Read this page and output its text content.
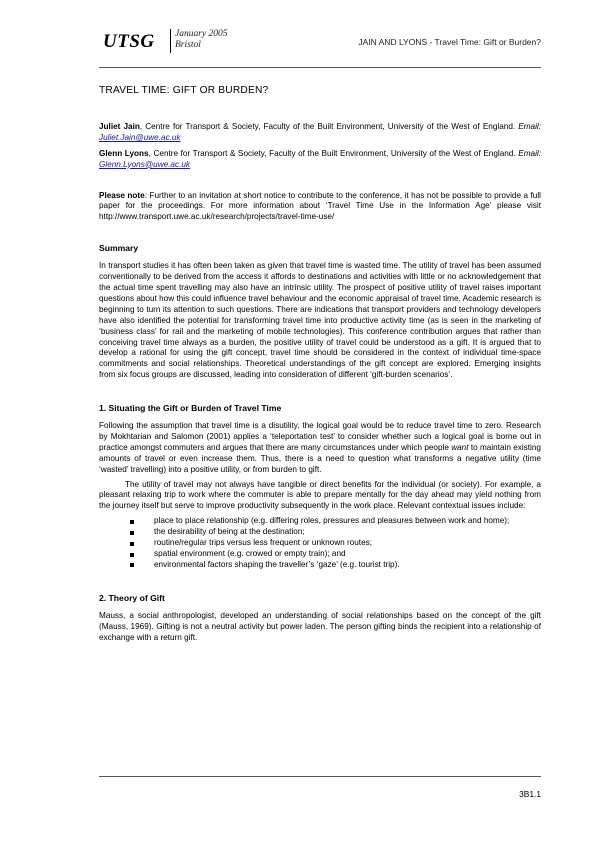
UTSG January 2005
Bristol	JAIN AND LYONS - Travel Time: Gift or Burden?
TRAVEL TIME: GIFT OR BURDEN?

Juliet Jain, Centre for Transport & Society, Faculty of the Built Environment, University of the West of England. Email: Juliet.Jain@uwe.ac.uk

Glenn Lyons, Centre for Transport & Society, Faculty of the Built Environment, University of the West of England. Email: Glenn.Lyons@uwe.ac.uk

Please note: Further to an invitation at short notice to contribute to the conference, it has not be possible to provide a full paper for the proceedings. For more information about ‘Travel Time Use in the Information Age’ please visit http://www.transport.uwe.ac.uk/research/projects/travel-time-use/

Summary

In transport studies it has often been taken as given that travel time is wasted time. The utility of travel has been assumed conventionally to be derived from the access it affords to destinations and activities with little or no acknowledgement that the actual time spent travelling may also have an intrinsic utility. The prospect of positive utility of travel raises important questions about how this could influence travel behaviour and the economic appraisal of travel time. Academic research is beginning to turn its attention to such questions. There are indications that transport providers and technology developers have also identified the potential for transforming travel time into productive activity time (as is seen in the marketing of ‘business class’ for rail and the marketing of mobile technologies). This conference contribution argues that rather than conceiving travel time always as a burden, the positive utility of travel could be understood as a gift. It is argued that to develop a rational for using the gift concept, travel time should be considered in the context of individual time-space commitments and social relationships. Theoretical understandings of the gift concept are explored. Emerging insights from six focus groups are discussed, leading into consideration of different ‘gift-burden scenarios’.

1. Situating the Gift or Burden of Travel Time

Following the assumption that travel time is a disutility, the logical goal would be to reduce travel time to zero. Research by Mokhtarian and Salomon (2001) applies a ‘teleportation test’ to consider whether such a logical goal is borne out in practice amongst commuters and argues that there are many circumstances under which people want to maintain existing amounts of travel or even increase them. Thus, there is a need to question what transforms a negative utility (time ‘wasted’ travelling) into a positive utility, or from burden to gift.

The utility of travel may not always have tangible or direct benefits for the individual (or society). For example, a pleasant relaxing trip to work where the commuter is able to prepare mentally for the day ahead may yield nothing from the journey itself but serve to improve productivity subsequently in the work place. Relevant contextual issues include:

place to place relationship (e.g. differing roles, pressures and pleasures between work and home);
the desirability of being at the destination;
routine/regular trips versus less frequent or unknown routes;
spatial environment (e.g. crowed or empty train); and
environmental factors shaping the traveller’s ‘gaze’ (e.g. tourist trip).
2. Theory of Gift

Mauss, a social anthropologist, developed an understanding of social relationships based on the concept of the gift (Mauss, 1969). Gifting is not a neutral activity but power laden. The person gifting binds the recipient into a relationship of exchange with a return gift.

3B1.1
